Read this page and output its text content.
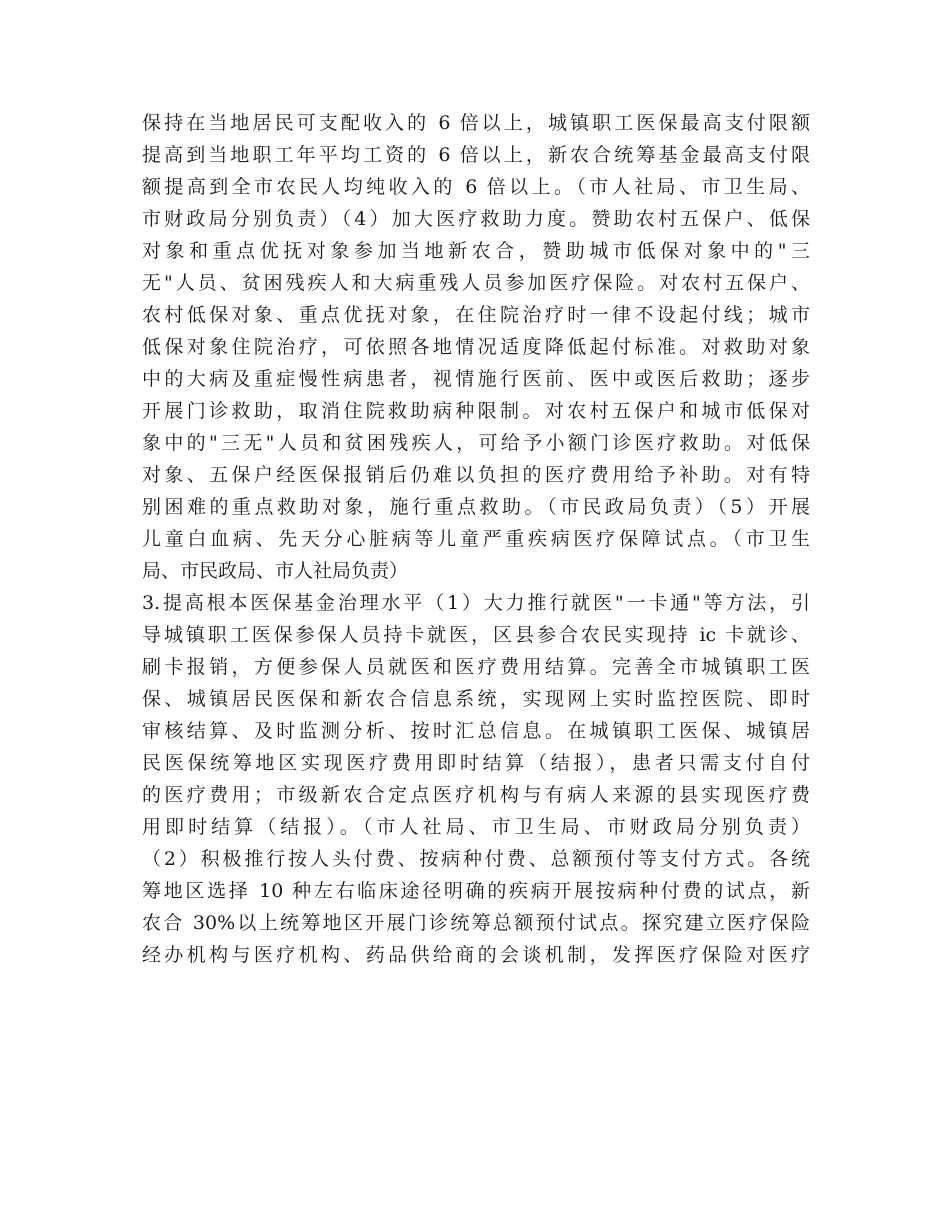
保持在当地居民可支配收入的 6 倍以上，城镇职工医保最高支付限额
提高到当地职工年平均工资的 6 倍以上，新农合统筹基金最高支付限
额提高到全市农民人均纯收入的 6 倍以上。（市人社局、市卫生局、
市财政局分别负责）（4）加大医疗救助力度。赞助农村五保户、低保
对象和重点优抚对象参加当地新农合，赞助城市低保对象中的"三
无"人员、贫困残疾人和大病重残人员参加医疗保险。对农村五保户、
农村低保对象、重点优抚对象，在住院治疗时一律不设起付线；城市
低保对象住院治疗，可依照各地情况适度降低起付标准。对救助对象
中的大病及重症慢性病患者，视情施行医前、医中或医后救助；逐步
开展门诊救助，取消住院救助病种限制。对农村五保户和城市低保对
象中的"三无"人员和贫困残疾人，可给予小额门诊医疗救助。对低保
对象、五保户经医保报销后仍难以负担的医疗费用给予补助。对有特
别困难的重点救助对象，施行重点救助。（市民政局负责）（5）开展
儿童白血病、先天分心脏病等儿童严重疾病医疗保障试点。（市卫生
局、市民政局、市人社局负责）
3.提高根本医保基金治理水平（1）大力推行就医"一卡通"等方法，引
导城镇职工医保参保人员持卡就医，区县参合农民实现持 ic 卡就诊、
刷卡报销，方便参保人员就医和医疗费用结算。完善全市城镇职工医
保、城镇居民医保和新农合信息系统，实现网上实时监控医院、即时
审核结算、及时监测分析、按时汇总信息。在城镇职工医保、城镇居
民医保统筹地区实现医疗费用即时结算（结报），患者只需支付自付
的医疗费用；市级新农合定点医疗机构与有病人来源的县实现医疗费
用即时结算（结报）。（市人社局、市卫生局、市财政局分别负责）
（2）积极推行按人头付费、按病种付费、总额预付等支付方式。各统
筹地区选择 10 种左右临床途径明确的疾病开展按病种付费的试点，新
农合 30%以上统筹地区开展门诊统筹总额预付试点。探究建立医疗保险
经办机构与医疗机构、药品供给商的会谈机制，发挥医疗保险对医疗
